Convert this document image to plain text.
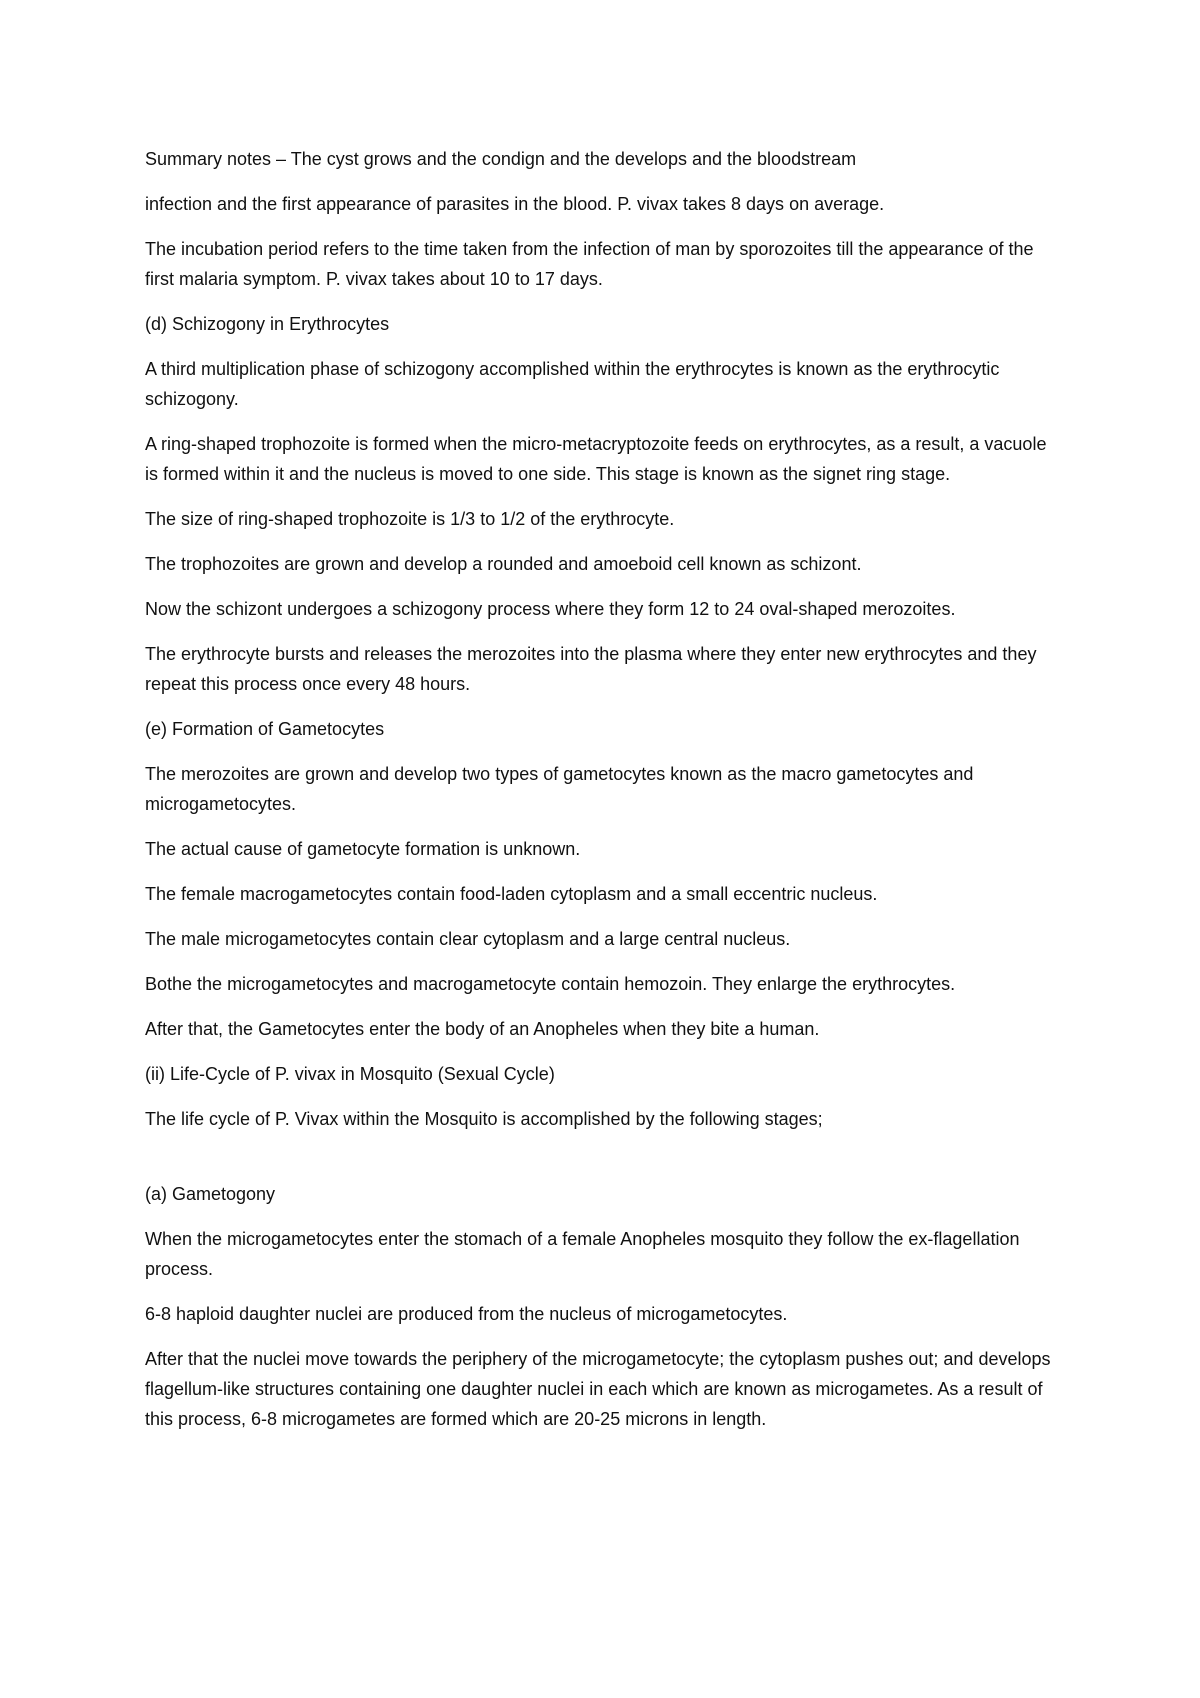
Summary notes – The cyst grows and the condign and the develops and the bloodstream

infection and the first appearance of parasites in the blood. P. vivax takes 8 days on average.

The incubation period refers to the time taken from the infection of man by sporozoites till the appearance of the first malaria symptom. P. vivax takes about 10 to 17 days.

(d) Schizogony in Erythrocytes

A third multiplication phase of schizogony accomplished within the erythrocytes is known as the erythrocytic schizogony.

A ring-shaped trophozoite is formed when the micro-metacryptozoite feeds on erythrocytes, as a result, a vacuole is formed within it and the nucleus is moved to one side. This stage is known as the signet ring stage.

The size of ring-shaped trophozoite is 1/3 to 1/2 of the erythrocyte.

The trophozoites are grown and develop a rounded and amoeboid cell known as schizont.

Now the schizont undergoes a schizogony process where they form 12 to 24 oval-shaped merozoites.

The erythrocyte bursts and releases the merozoites into the plasma where they enter new erythrocytes and they repeat this process once every 48 hours.

(e) Formation of Gametocytes

The merozoites are grown and develop two types of gametocytes known as the macro gametocytes and microgametocytes.

The actual cause of gametocyte formation is unknown.

The female macrogametocytes contain food-laden cytoplasm and a small eccentric nucleus.

The male microgametocytes contain clear cytoplasm and a large central nucleus.

Bothe the microgametocytes and macrogametocyte contain hemozoin. They enlarge the erythrocytes.

After that, the Gametocytes enter the body of an Anopheles when they bite a human.

(ii) Life-Cycle of P. vivax in Mosquito (Sexual Cycle)

The life cycle of P. Vivax within the Mosquito is accomplished by the following stages;

(a) Gametogony

When the microgametocytes enter the stomach of a female Anopheles mosquito they follow the ex-flagellation process.

6-8 haploid daughter nuclei are produced from the nucleus of microgametocytes.

After that the nuclei move towards the periphery of the microgametocyte; the cytoplasm pushes out; and develops flagellum-like structures containing one daughter nuclei in each which are known as microgametes. As a result of this process, 6-8 microgametes are formed which are 20-25 microns in length.
